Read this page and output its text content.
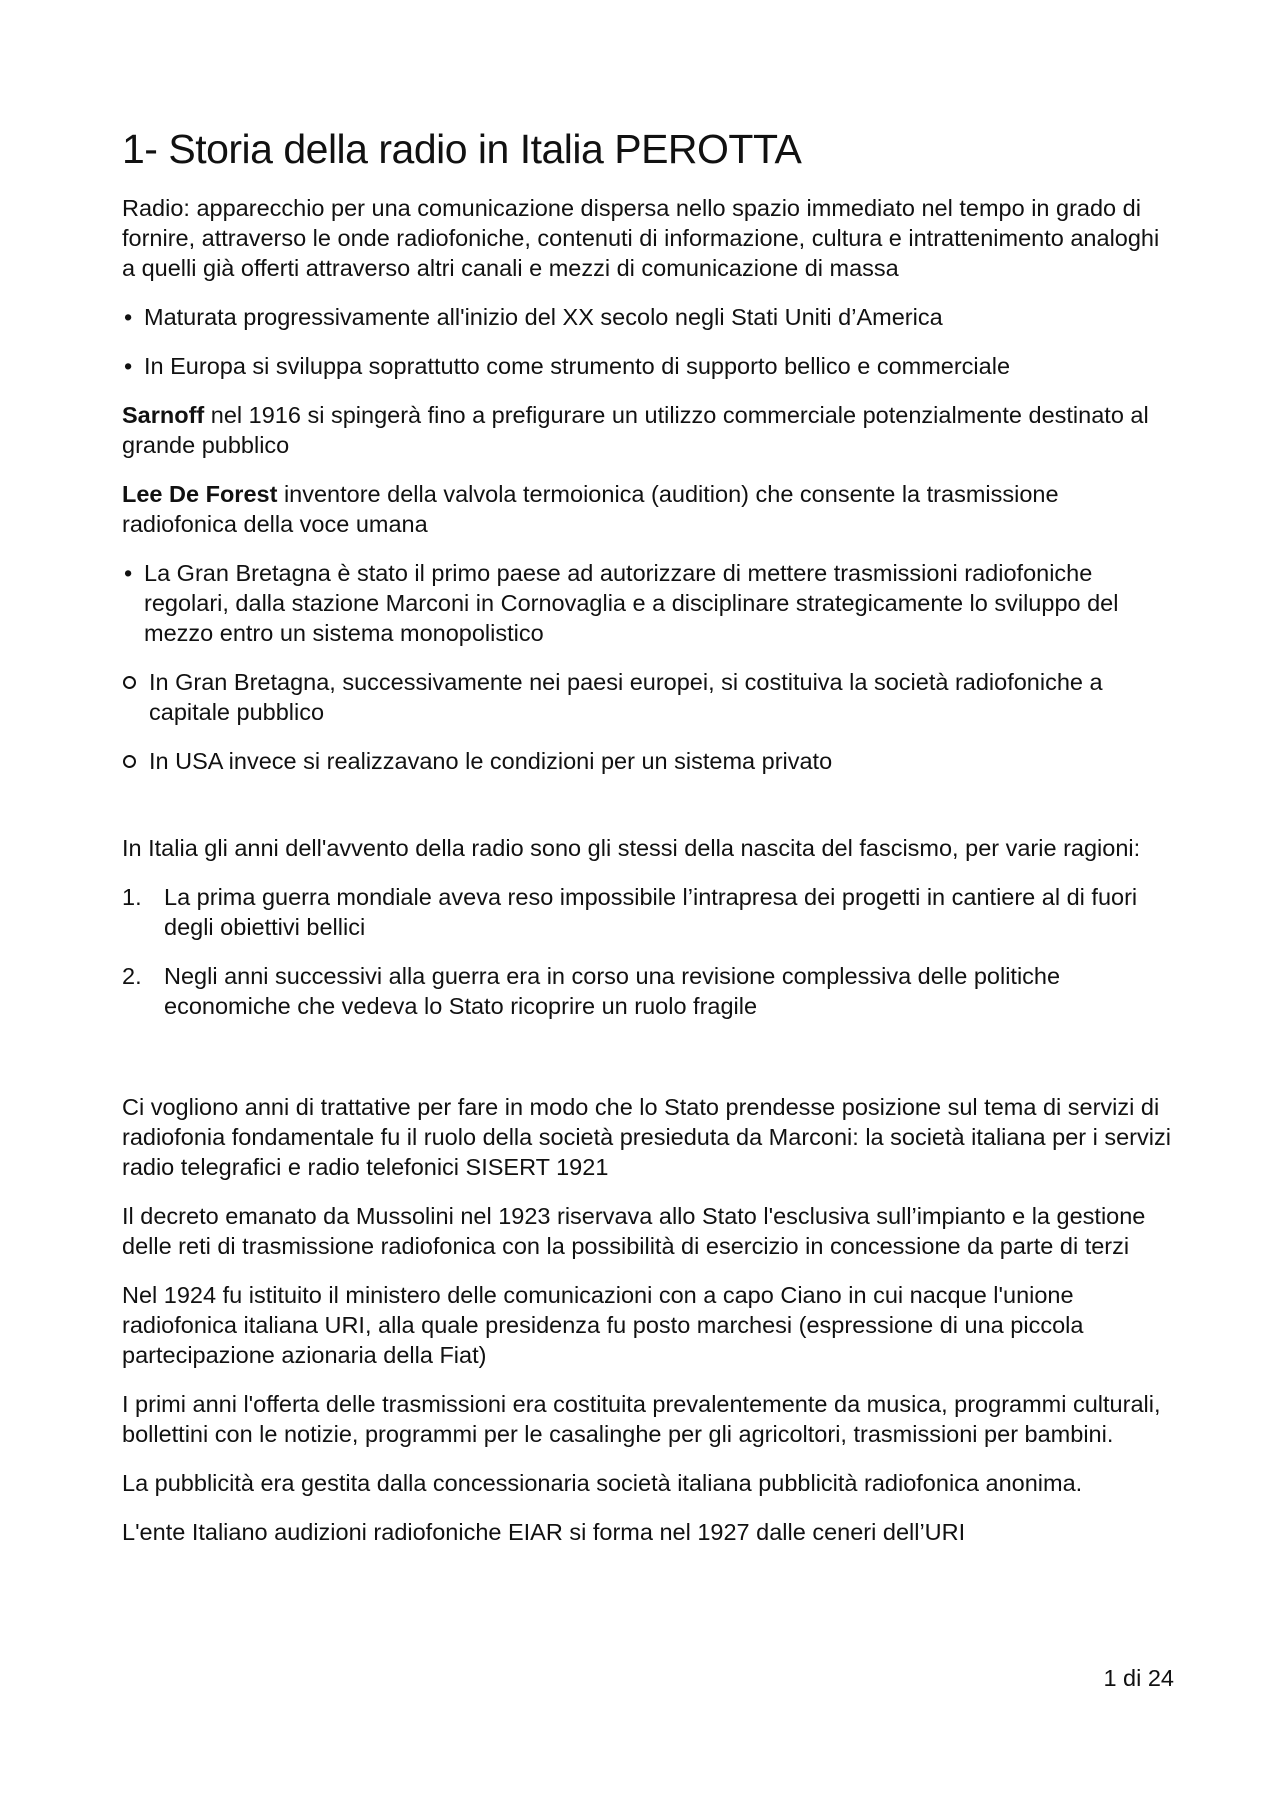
1- Storia della radio in Italia PEROTTA

Radio: apparecchio per una comunicazione dispersa nello spazio immediato nel tempo in grado di fornire, attraverso le onde radiofoniche, contenuti di informazione, cultura e intrattenimento analoghi a quelli già offerti attraverso altri canali e mezzi di comunicazione di massa

• Maturata progressivamente all'inizio del XX secolo negli Stati Uniti d’America
• In Europa si sviluppa soprattutto come strumento di supporto bellico e commerciale

Sarnoff nel 1916 si spingerà fino a prefigurare un utilizzo commerciale potenzialmente destinato al grande pubblico

Lee De Forest inventore della valvola termoionica (audition) che consente la trasmissione radiofonica della voce umana

• La Gran Bretagna è stato il primo paese ad autorizzare di mettere trasmissioni radiofoniche regolari, dalla stazione Marconi in Cornovaglia e a disciplinare strategicamente lo sviluppo del mezzo entro un sistema monopolistico
In Gran Bretagna, successivamente nei paesi europei, si costituiva la società radiofoniche a capitale pubblico
In USA invece si realizzavano le condizioni per un sistema privato

In Italia gli anni dell'avvento della radio sono gli stessi della nascita del fascismo, per varie ragioni:

1. La prima guerra mondiale aveva reso impossibile l’intrapresa dei progetti in cantiere al di fuori degli obiettivi bellici
2. Negli anni successivi alla guerra era in corso una revisione complessiva delle politiche economiche che vedeva lo Stato ricoprire un ruolo fragile

Ci vogliono anni di trattative per fare in modo che lo Stato prendesse posizione sul tema di servizi di radiofonia fondamentale fu il ruolo della società presieduta da Marconi: la società italiana per i servizi radio telegrafici e radio telefonici SISERT 1921

Il decreto emanato da Mussolini nel 1923 riservava allo Stato l'esclusiva sull’impianto e la gestione delle reti di trasmissione radiofonica con la possibilità di esercizio in concessione da parte di terzi

Nel 1924 fu istituito il ministero delle comunicazioni con a capo Ciano in cui nacque l'unione radiofonica italiana URI, alla quale presidenza fu posto marchesi (espressione di una piccola partecipazione azionaria della Fiat)

I primi anni l'offerta delle trasmissioni era costituita prevalentemente da musica, programmi culturali, bollettini con le notizie, programmi per le casalinghe per gli agricoltori, trasmissioni per bambini.

La pubblicità era gestita dalla concessionaria società italiana pubblicità radiofonica anonima.

L'ente Italiano audizioni radiofoniche EIAR si forma nel 1927 dalle ceneri dell’URI

1 di 24
